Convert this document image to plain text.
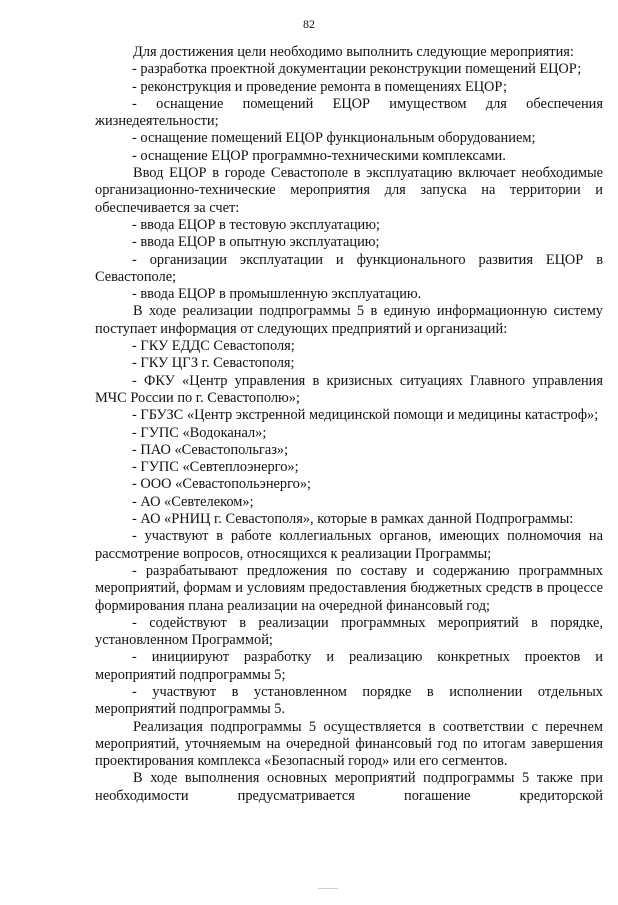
82

Для достижения цели необходимо выполнить следующие мероприятия:

- разработка проектной документации реконструкции помещений ЕЦОР;

- реконструкция и проведение ремонта в помещениях ЕЦОР;

- оснащение помещений ЕЦОР имуществом для обеспечения жизнедеятельности;

- оснащение помещений ЕЦОР функциональным оборудованием;

- оснащение ЕЦОР программно-техническими комплексами.

Ввод ЕЦОР в городе Севастополе в эксплуатацию включает необходимые организационно-технические мероприятия для запуска на территории и обеспечивается за счет:

- ввода ЕЦОР в тестовую эксплуатацию;

- ввода ЕЦОР в опытную эксплуатацию;

- организации эксплуатации и функционального развития ЕЦОР в Севастополе;

- ввода ЕЦОР в промышленную эксплуатацию.

В ходе реализации подпрограммы 5 в единую информационную систему поступает информация от следующих предприятий и организаций:

- ГКУ ЕДДС Севастополя;

- ГКУ ЦГЗ г. Севастополя;

- ФКУ «Центр управления в кризисных ситуациях Главного управления МЧС России по г. Севастополю»;

- ГБУЗС «Центр экстренной медицинской помощи и медицины катастроф»;

- ГУПС «Водоканал»;

- ПАО «Севастопольгаз»;

- ГУПС «Севтеплоэнерго»;

- ООО «Севастопольэнерго»;

- АО «Севтелеком»;

- АО «РНИЦ г. Севастополя», которые в рамках данной Подпрограммы:

- участвуют в работе коллегиальных органов, имеющих полномочия на рассмотрение вопросов, относящихся к реализации Программы;

- разрабатывают предложения по составу и содержанию программных мероприятий, формам и условиям предоставления бюджетных средств в процессе формирования плана реализации на очередной финансовый год;

- содействуют в реализации программных мероприятий в порядке, установленном Программой;

- инициируют разработку и реализацию конкретных проектов и мероприятий подпрограммы 5;

- участвуют в установленном порядке в исполнении отдельных мероприятий подпрограммы 5.

Реализация подпрограммы 5 осуществляется в соответствии с перечнем мероприятий, уточняемым на очередной финансовый год по итогам завершения проектирования комплекса «Безопасный город» или его сегментов.

В ходе выполнения основных мероприятий подпрограммы 5 также при необходимости предусматривается погашение кредиторской
